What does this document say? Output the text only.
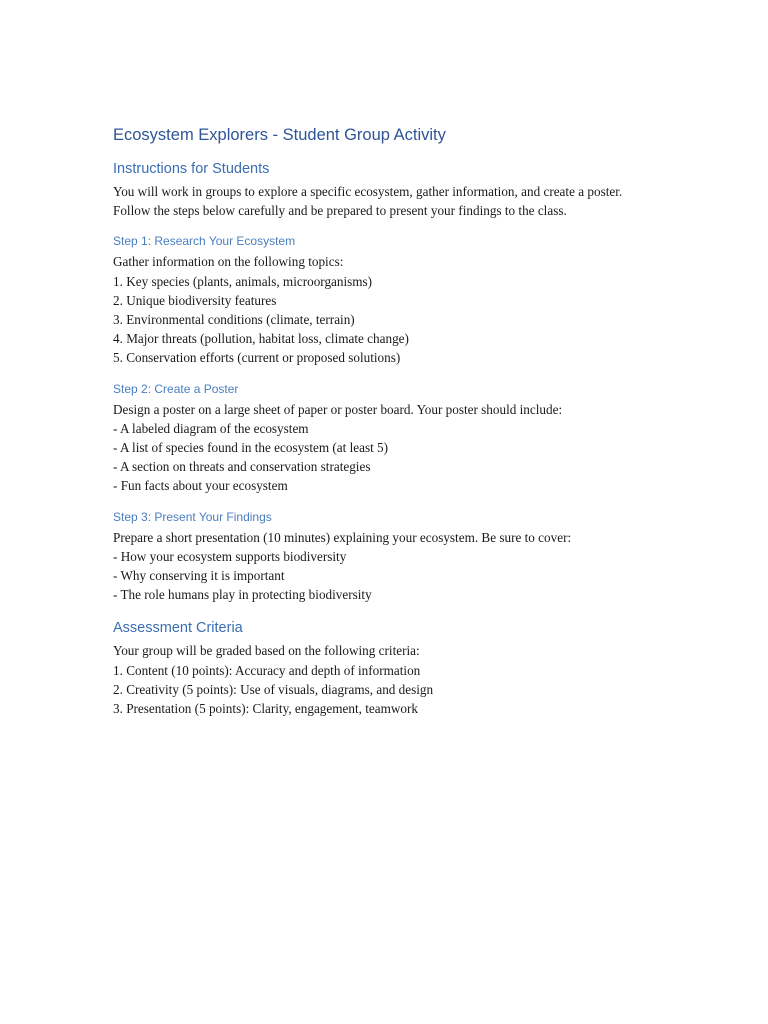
Ecosystem Explorers - Student Group Activity
Instructions for Students

You will work in groups to explore a specific ecosystem, gather information, and create a poster. Follow the steps below carefully and be prepared to present your findings to the class.

Step 1: Research Your Ecosystem
Gather information on the following topics:
1. Key species (plants, animals, microorganisms)
2. Unique biodiversity features
3. Environmental conditions (climate, terrain)
4. Major threats (pollution, habitat loss, climate change)
5. Conservation efforts (current or proposed solutions)
Step 2: Create a Poster
Design a poster on a large sheet of paper or poster board. Your poster should include:
- A labeled diagram of the ecosystem
- A list of species found in the ecosystem (at least 5)
- A section on threats and conservation strategies
- Fun facts about your ecosystem
Step 3: Present Your Findings
Prepare a short presentation (10 minutes) explaining your ecosystem. Be sure to cover:
- How your ecosystem supports biodiversity
- Why conserving it is important
- The role humans play in protecting biodiversity
Assessment Criteria
Your group will be graded based on the following criteria:
1. Content (10 points): Accuracy and depth of information
2. Creativity (5 points): Use of visuals, diagrams, and design
3. Presentation (5 points): Clarity, engagement, teamwork
